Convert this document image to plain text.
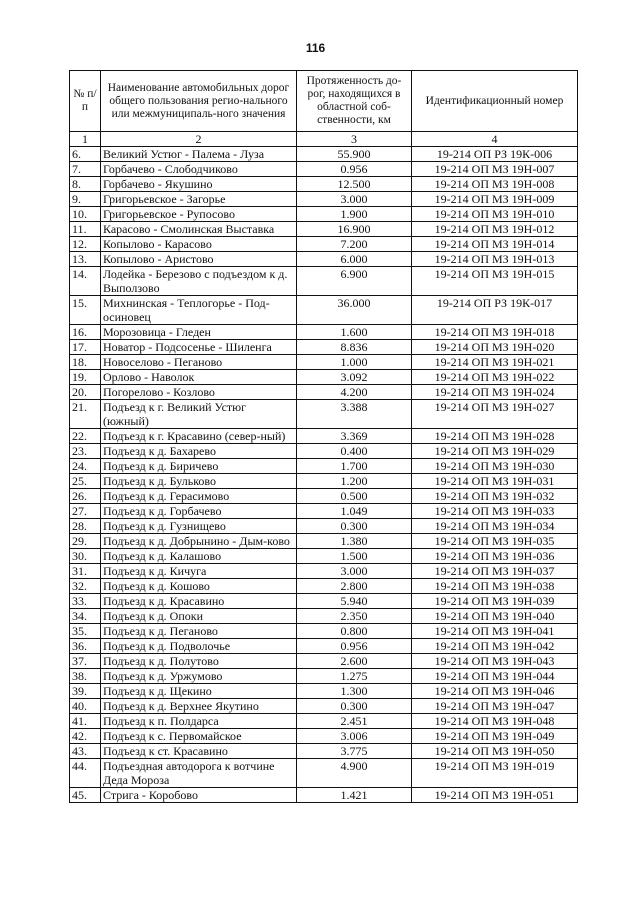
116
№ п/п	Наименование автомобильных дорог общего пользования регио-нального или межмуниципаль-ного значения	Протяженность до-рог, находящихся в областной соб-ственности, км	Идентификационный номер
1	2	3	4
6.	Великий Устюг - Палема - Луза	55.900	19-214 ОП РЗ 19К-006
7.	Горбачево - Слободчиково	0.956	19-214 ОП МЗ 19Н-007
8.	Горбачево - Якушино	12.500	19-214 ОП МЗ 19Н-008
9.	Григорьевское - Загорье	3.000	19-214 ОП МЗ 19Н-009
10.	Григорьевское - Рупосово	1.900	19-214 ОП МЗ 19Н-010
11.	Карасово - Смолинская Выставка	16.900	19-214 ОП МЗ 19Н-012
12.	Копылово - Карасово	7.200	19-214 ОП МЗ 19Н-014
13.	Копылово - Аристово	6.000	19-214 ОП МЗ 19Н-013
14.	Лодейка - Березово с подъездом к д. Выползово	6.900	19-214 ОП МЗ 19Н-015
15.	Михнинская - Теплогорье - Под-осиновец	36.000	19-214 ОП РЗ 19К-017
16.	Морозовица - Гледен	1.600	19-214 ОП МЗ 19Н-018
17.	Новатор - Подсосенье - Шиленга	8.836	19-214 ОП МЗ 19Н-020
18.	Новоселово - Пеганово	1.000	19-214 ОП МЗ 19Н-021
19.	Орлово - Наволок	3.092	19-214 ОП МЗ 19Н-022
20.	Погорелово - Козлово	4.200	19-214 ОП МЗ 19Н-024
21.	Подъезд к г. Великий Устюг (южный)	3.388	19-214 ОП МЗ 19Н-027
22.	Подъезд к г. Красавино (север-ный)	3.369	19-214 ОП МЗ 19Н-028
23.	Подъезд к д. Бахарево	0.400	19-214 ОП МЗ 19Н-029
24.	Подъезд к д. Биричево	1.700	19-214 ОП МЗ 19Н-030
25.	Подъезд к д. Бульково	1.200	19-214 ОП МЗ 19Н-031
26.	Подъезд к д. Герасимово	0.500	19-214 ОП МЗ 19Н-032
27.	Подъезд к д. Горбачево	1.049	19-214 ОП МЗ 19Н-033
28.	Подъезд к д. Гузнищево	0.300	19-214 ОП МЗ 19Н-034
29.	Подъезд к д. Добрынино - Дым-ково	1.380	19-214 ОП МЗ 19Н-035
30.	Подъезд к д. Калашово	1.500	19-214 ОП МЗ 19Н-036
31.	Подъезд к д. Кичуга	3.000	19-214 ОП МЗ 19Н-037
32.	Подъезд к д. Кошово	2.800	19-214 ОП МЗ 19Н-038
33.	Подъезд к д. Красавино	5.940	19-214 ОП МЗ 19Н-039
34.	Подъезд к д. Опоки	2.350	19-214 ОП МЗ 19Н-040
35.	Подъезд к д. Пеганово	0.800	19-214 ОП МЗ 19Н-041
36.	Подъезд к д. Подволочье	0.956	19-214 ОП МЗ 19Н-042
37.	Подъезд к д. Полутово	2.600	19-214 ОП МЗ 19Н-043
38.	Подъезд к д. Уржумово	1.275	19-214 ОП МЗ 19Н-044
39.	Подъезд к д. Щекино	1.300	19-214 ОП МЗ 19Н-046
40.	Подъезд к д. Верхнее Якутино	0.300	19-214 ОП МЗ 19Н-047
41.	Подъезд к п. Полдарса	2.451	19-214 ОП МЗ 19Н-048
42.	Подъезд к с. Первомайское	3.006	19-214 ОП МЗ 19Н-049
43.	Подъезд к ст. Красавино	3.775	19-214 ОП МЗ 19Н-050
44.	Подъездная автодорога к вотчине Деда Мороза	4.900	19-214 ОП МЗ 19Н-019
45.	Стрига - Коробово	1.421	19-214 ОП МЗ 19Н-051
